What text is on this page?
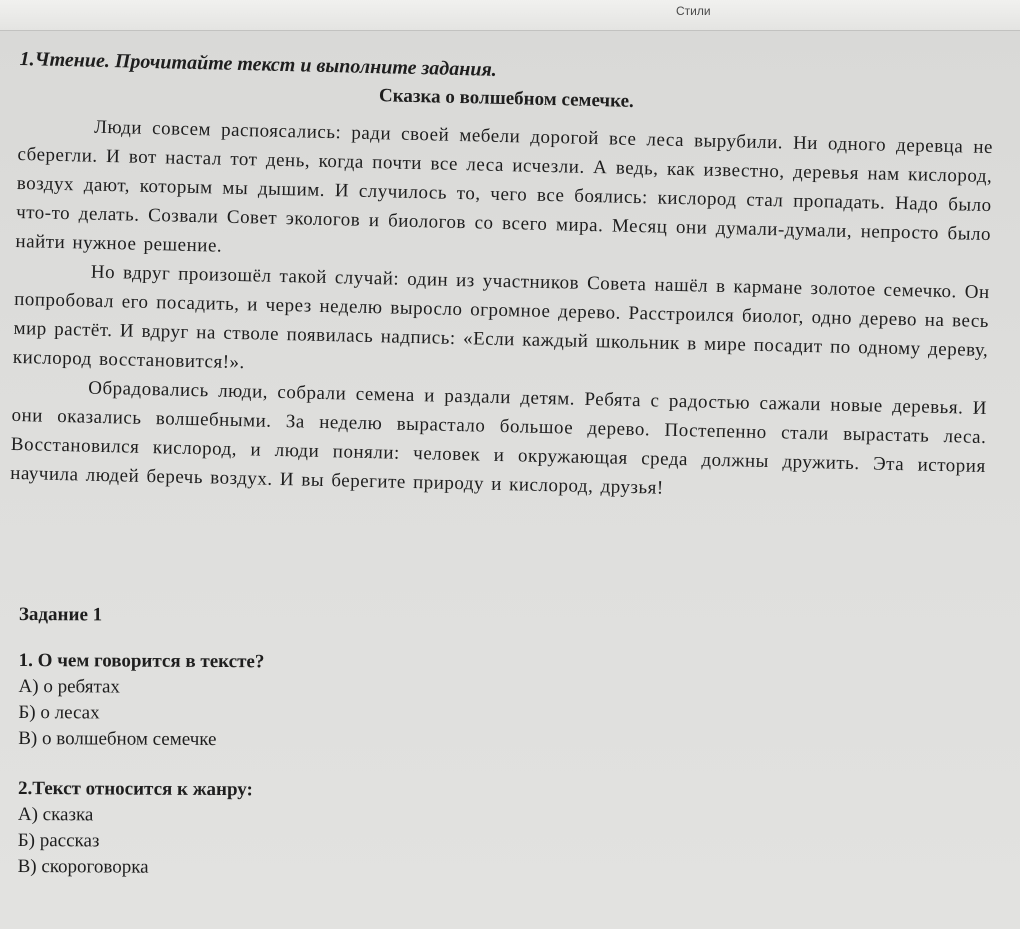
Стили

1.Чтение. Прочитайте текст и выполните задания.

Сказка о волшебном семечке.

Люди совсем распоясались: ради своей мебели дорогой все леса вырубили. Ни одного деревца не сберегли. И вот настал тот день, когда почти все леса исчезли. А ведь, как известно, деревья нам кислород, воздух дают, которым мы дышим. И случилось то, чего все боялись: кислород стал пропадать. Надо было что-то делать. Созвали Совет экологов и биологов со всего мира. Месяц они думали-думали, непросто было найти нужное решение.

Но вдруг произошёл такой случай: один из участников Совета нашёл в кармане золотое семечко. Он попробовал его посадить, и через неделю выросло огромное дерево. Расстроился биолог, одно дерево на весь мир растёт. И вдруг на стволе появилась надпись: «Если каждый школьник в мире посадит по одному дереву, кислород восстановится!».

Обрадовались люди, собрали семена и раздали детям. Ребята с радостью сажали новые деревья. И они оказались волшебными. За неделю вырастало большое дерево. Постепенно стали вырастать леса. Восстановился кислород, и люди поняли: человек и окружающая среда должны дружить. Эта история научила людей беречь воздух. И вы берегите природу и кислород, друзья!

Задание 1

1. О чем говорится в тексте?

А) о ребятах

Б) о лесах

В) о волшебном семечке

2.Текст относится к жанру:

А) сказка

Б) рассказ

В) скороговорка
